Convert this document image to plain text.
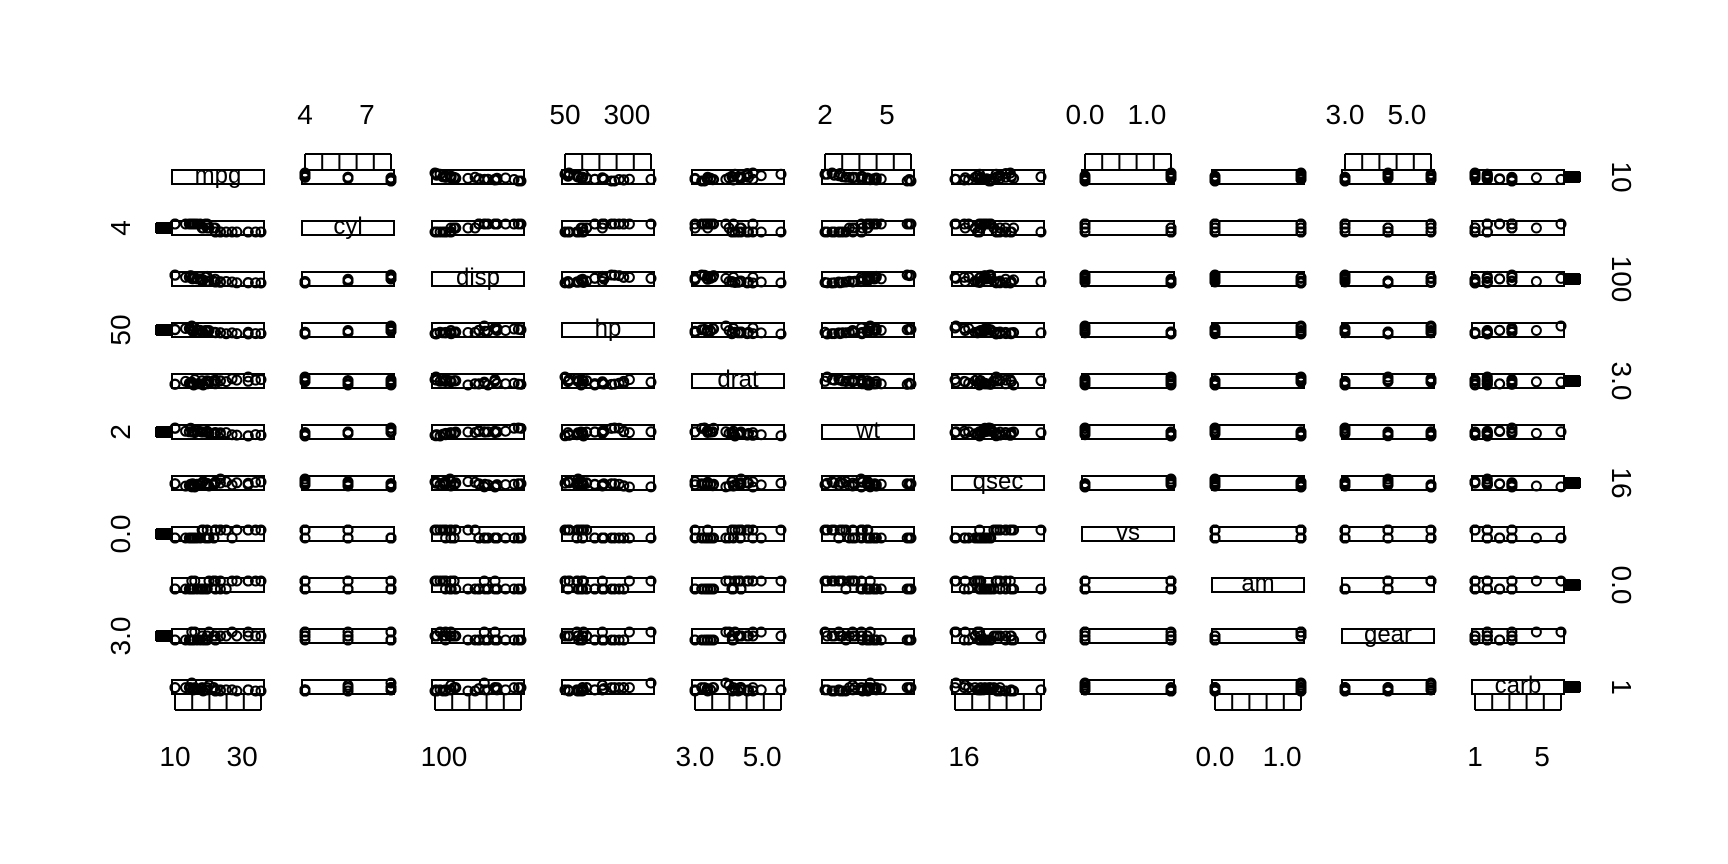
mpg
cyl
disp
hp
drat
wt
qsec
vs
am
gear
carb
10 30	100	3.0 5.0	16	0.0 1.0	1 5
4 7	50 300	2 5	0.0 1.0	3.0 5.0
4
50
2
0.0
3.0
10
100
3.0
16
0.0
1
